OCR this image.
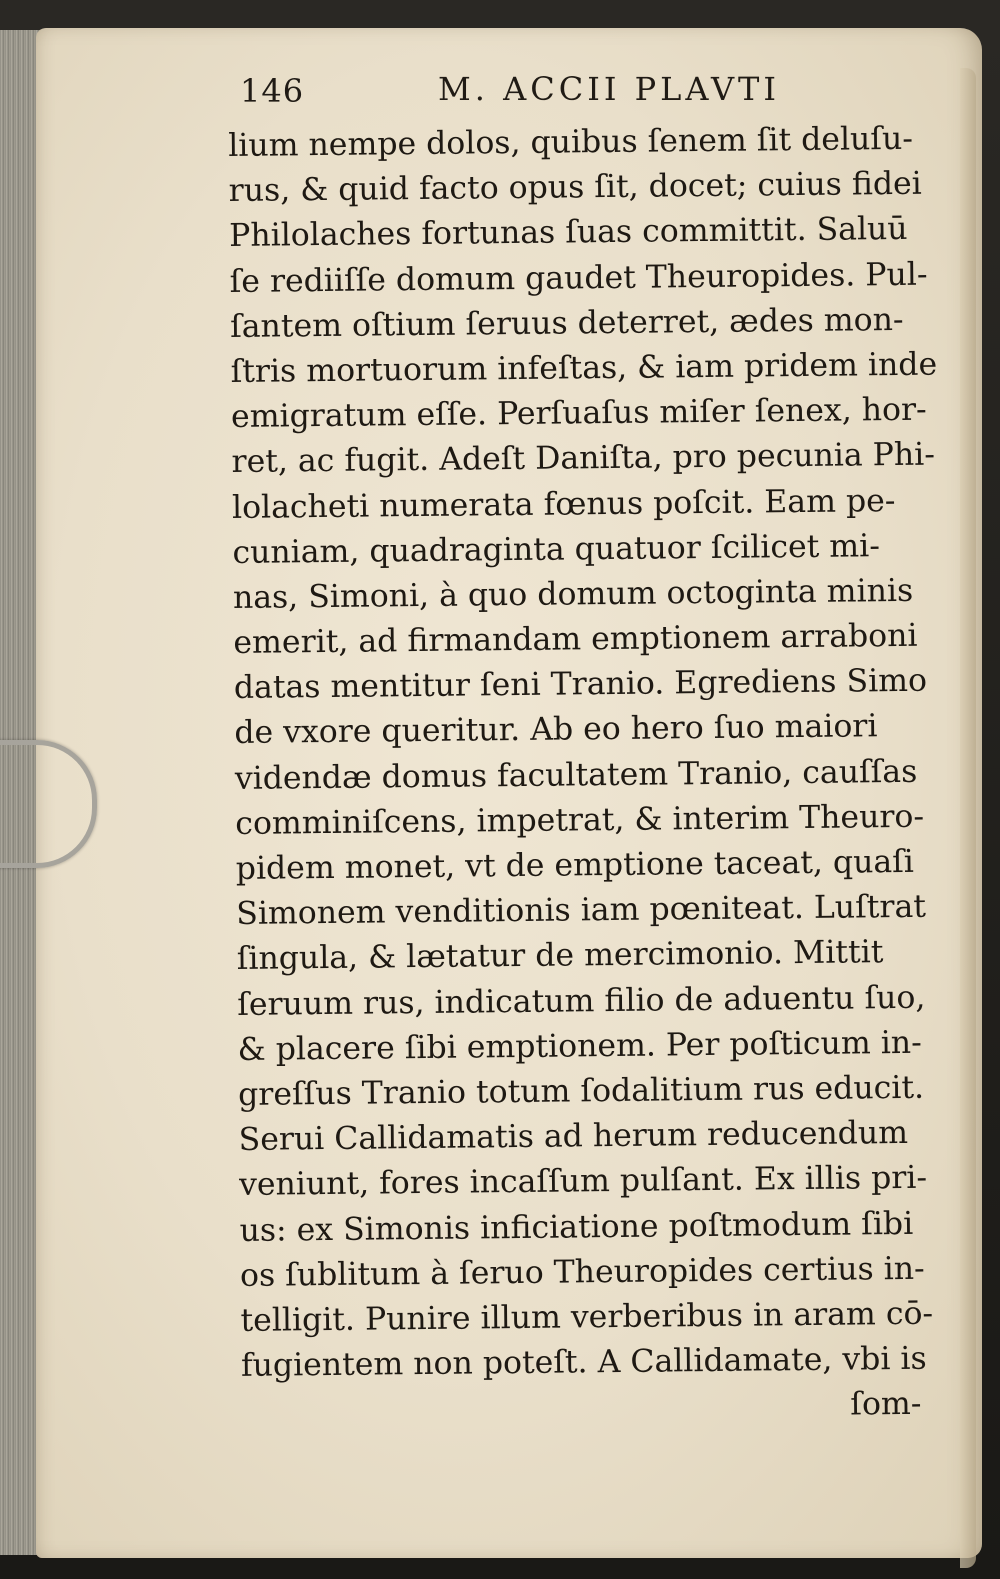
146	M. ACCII PLAVTI
lium nempe dolos, quibus ſenem ſit deluſu-
rus, & quid facto opus ſit, docet; cuius fidei
Philolaches fortunas ſuas committit. Saluū
ſe rediiſſe domum gaudet Theuropides. Pul-
ſantem oſtium ſeruus deterret, ædes mon-
ſtris mortuorum infeſtas, & iam pridem inde
emigratum eſſe. Perſuaſus miſer ſenex, hor-
ret, ac fugit. Adeſt Daniſta, pro pecunia Phi-
lolacheti numerata fœnus poſcit. Eam pe-
cuniam, quadraginta quatuor ſcilicet mi-
nas, Simoni, à quo domum octoginta minis
emerit, ad firmandam emptionem arraboni
datas mentitur ſeni Tranio. Egrediens Simo
de vxore queritur. Ab eo hero ſuo maiori
videndæ domus facultatem Tranio, cauſſas
comminiſcens, impetrat, & interim Theuro-
pidem monet, vt de emptione taceat, quaſi
Simonem venditionis iam pœniteat. Luſtrat
ſingula, & lætatur de mercimonio. Mittit
ſeruum rus, indicatum filio de aduentu ſuo,
& placere ſibi emptionem. Per poſticum in-
greſſus Tranio totum ſodalitium rus educit.
Serui Callidamatis ad herum reducendum
veniunt, fores incaſſum pulſant. Ex illis pri-
us: ex Simonis inficiatione poſtmodum ſibi
os ſublitum à ſeruo Theuropides certius in-
telligit. Punire illum verberibus in aram cō-
fugientem non poteſt. A Callidamate, vbi is
ſom-
